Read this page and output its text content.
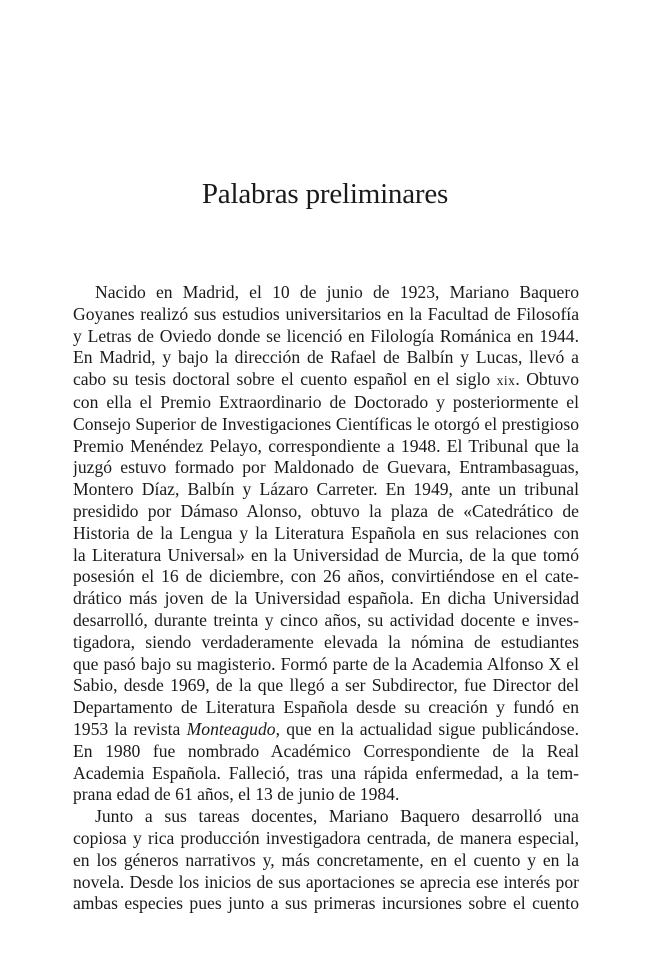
Palabras preliminares
Nacido en Madrid, el 10 de junio de 1923, Mariano Baquero
Goyanes realizó sus estudios universitarios en la Facultad de Filosofía
y Letras de Oviedo donde se licenció en Filología Románica en 1944.
En Madrid, y bajo la dirección de Rafael de Balbín y Lucas, llevó a
cabo su tesis doctoral sobre el cuento español en el siglo xix. Obtuvo
con ella el Premio Extraordinario de Doctorado y posteriormente el
Consejo Superior de Investigaciones Científicas le otorgó el prestigioso
Premio Menéndez Pelayo, correspondiente a 1948. El Tribunal que la
juzgó estuvo formado por Maldonado de Guevara, Entrambasaguas,
Montero Díaz, Balbín y Lázaro Carreter. En 1949, ante un tribunal
presidido por Dámaso Alonso, obtuvo la plaza de «Catedrático de
Historia de la Lengua y la Literatura Española en sus relaciones con
la Literatura Universal» en la Universidad de Murcia, de la que tomó
posesión el 16 de diciembre, con 26 años, convirtiéndose en el cate-
drático más joven de la Universidad española. En dicha Universidad
desarrolló, durante treinta y cinco años, su actividad docente e inves-
tigadora, siendo verdaderamente elevada la nómina de estudiantes
que pasó bajo su magisterio. Formó parte de la Academia Alfonso X el
Sabio, desde 1969, de la que llegó a ser Subdirector, fue Director del
Departamento de Literatura Española desde su creación y fundó en
1953 la revista Monteagudo, que en la actualidad sigue publicándose.
En 1980 fue nombrado Académico Correspondiente de la Real
Academia Española. Falleció, tras una rápida enfermedad, a la tem-
prana edad de 61 años, el 13 de junio de 1984.
Junto a sus tareas docentes, Mariano Baquero desarrolló una
copiosa y rica producción investigadora centrada, de manera especial,
en los géneros narrativos y, más concretamente, en el cuento y en la
novela. Desde los inicios de sus aportaciones se aprecia ese interés por
ambas especies pues junto a sus primeras incursiones sobre el cuento
